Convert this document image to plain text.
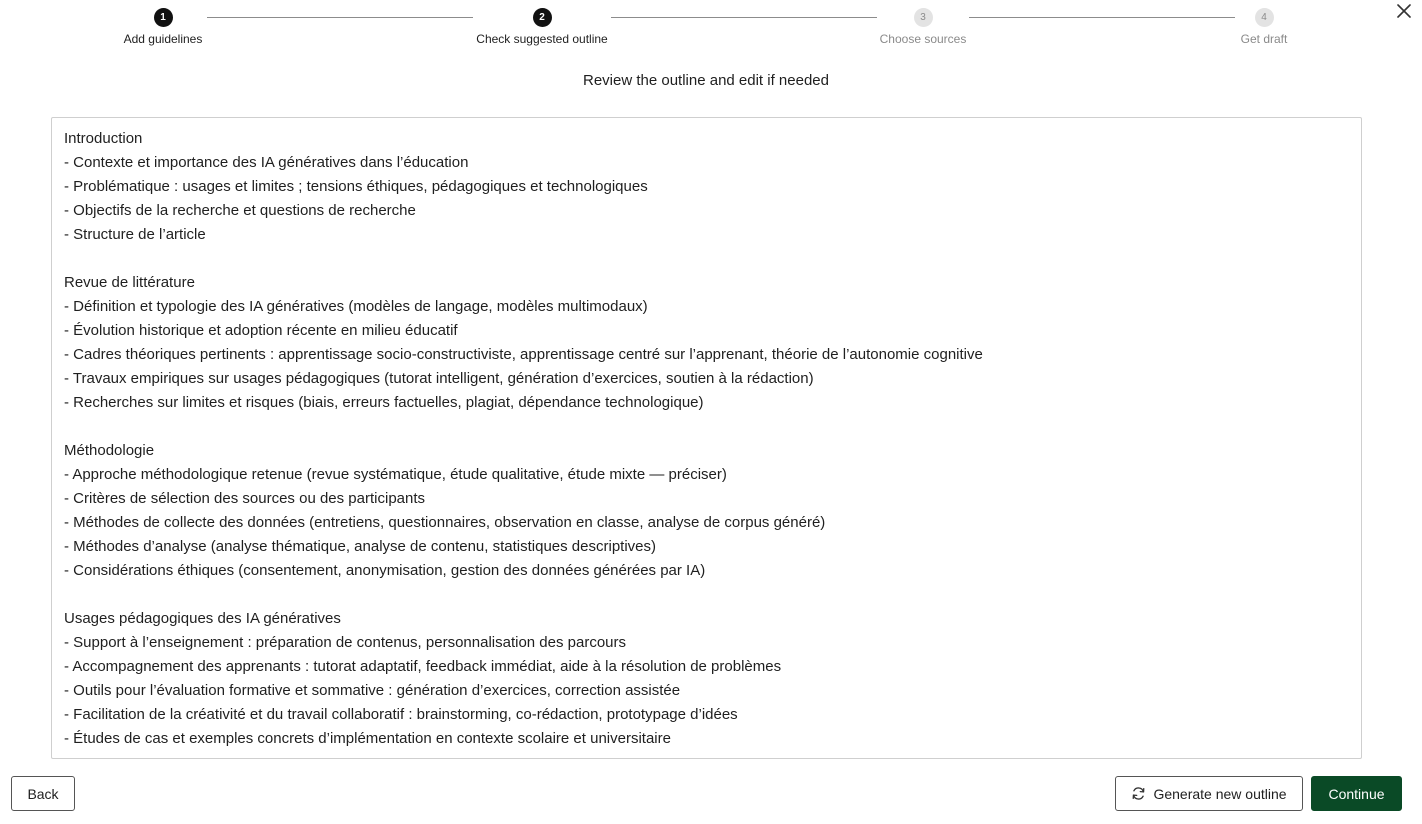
1
Add guidelines
2
Check suggested outline
3
Choose sources
4
Get draft
Review the outline and edit if needed
Introduction
- Contexte et importance des IA génératives dans l’éducation
- Problématique : usages et limites ; tensions éthiques, pédagogiques et technologiques
- Objectifs de la recherche et questions de recherche
- Structure de l’article
Revue de littérature
- Définition et typologie des IA génératives (modèles de langage, modèles multimodaux)
- Évolution historique et adoption récente en milieu éducatif
- Cadres théoriques pertinents : apprentissage socio-constructiviste, apprentissage centré sur l’apprenant, théorie de l’autonomie cognitive
- Travaux empiriques sur usages pédagogiques (tutorat intelligent, génération d’exercices, soutien à la rédaction)
- Recherches sur limites et risques (biais, erreurs factuelles, plagiat, dépendance technologique)
Méthodologie
- Approche méthodologique retenue (revue systématique, étude qualitative, étude mixte — préciser)
- Critères de sélection des sources ou des participants
- Méthodes de collecte des données (entretiens, questionnaires, observation en classe, analyse de corpus généré)
- Méthodes d’analyse (analyse thématique, analyse de contenu, statistiques descriptives)
- Considérations éthiques (consentement, anonymisation, gestion des données générées par IA)
Usages pédagogiques des IA génératives
- Support à l’enseignement : préparation de contenus, personnalisation des parcours
- Accompagnement des apprenants : tutorat adaptatif, feedback immédiat, aide à la résolution de problèmes
- Outils pour l’évaluation formative et sommative : génération d’exercices, correction assistée
- Facilitation de la créativité et du travail collaboratif : brainstorming, co-rédaction, prototypage d’idées
- Études de cas et exemples concrets d’implémentation en contexte scolaire et universitaire
Back	Generate new outline	Continue
